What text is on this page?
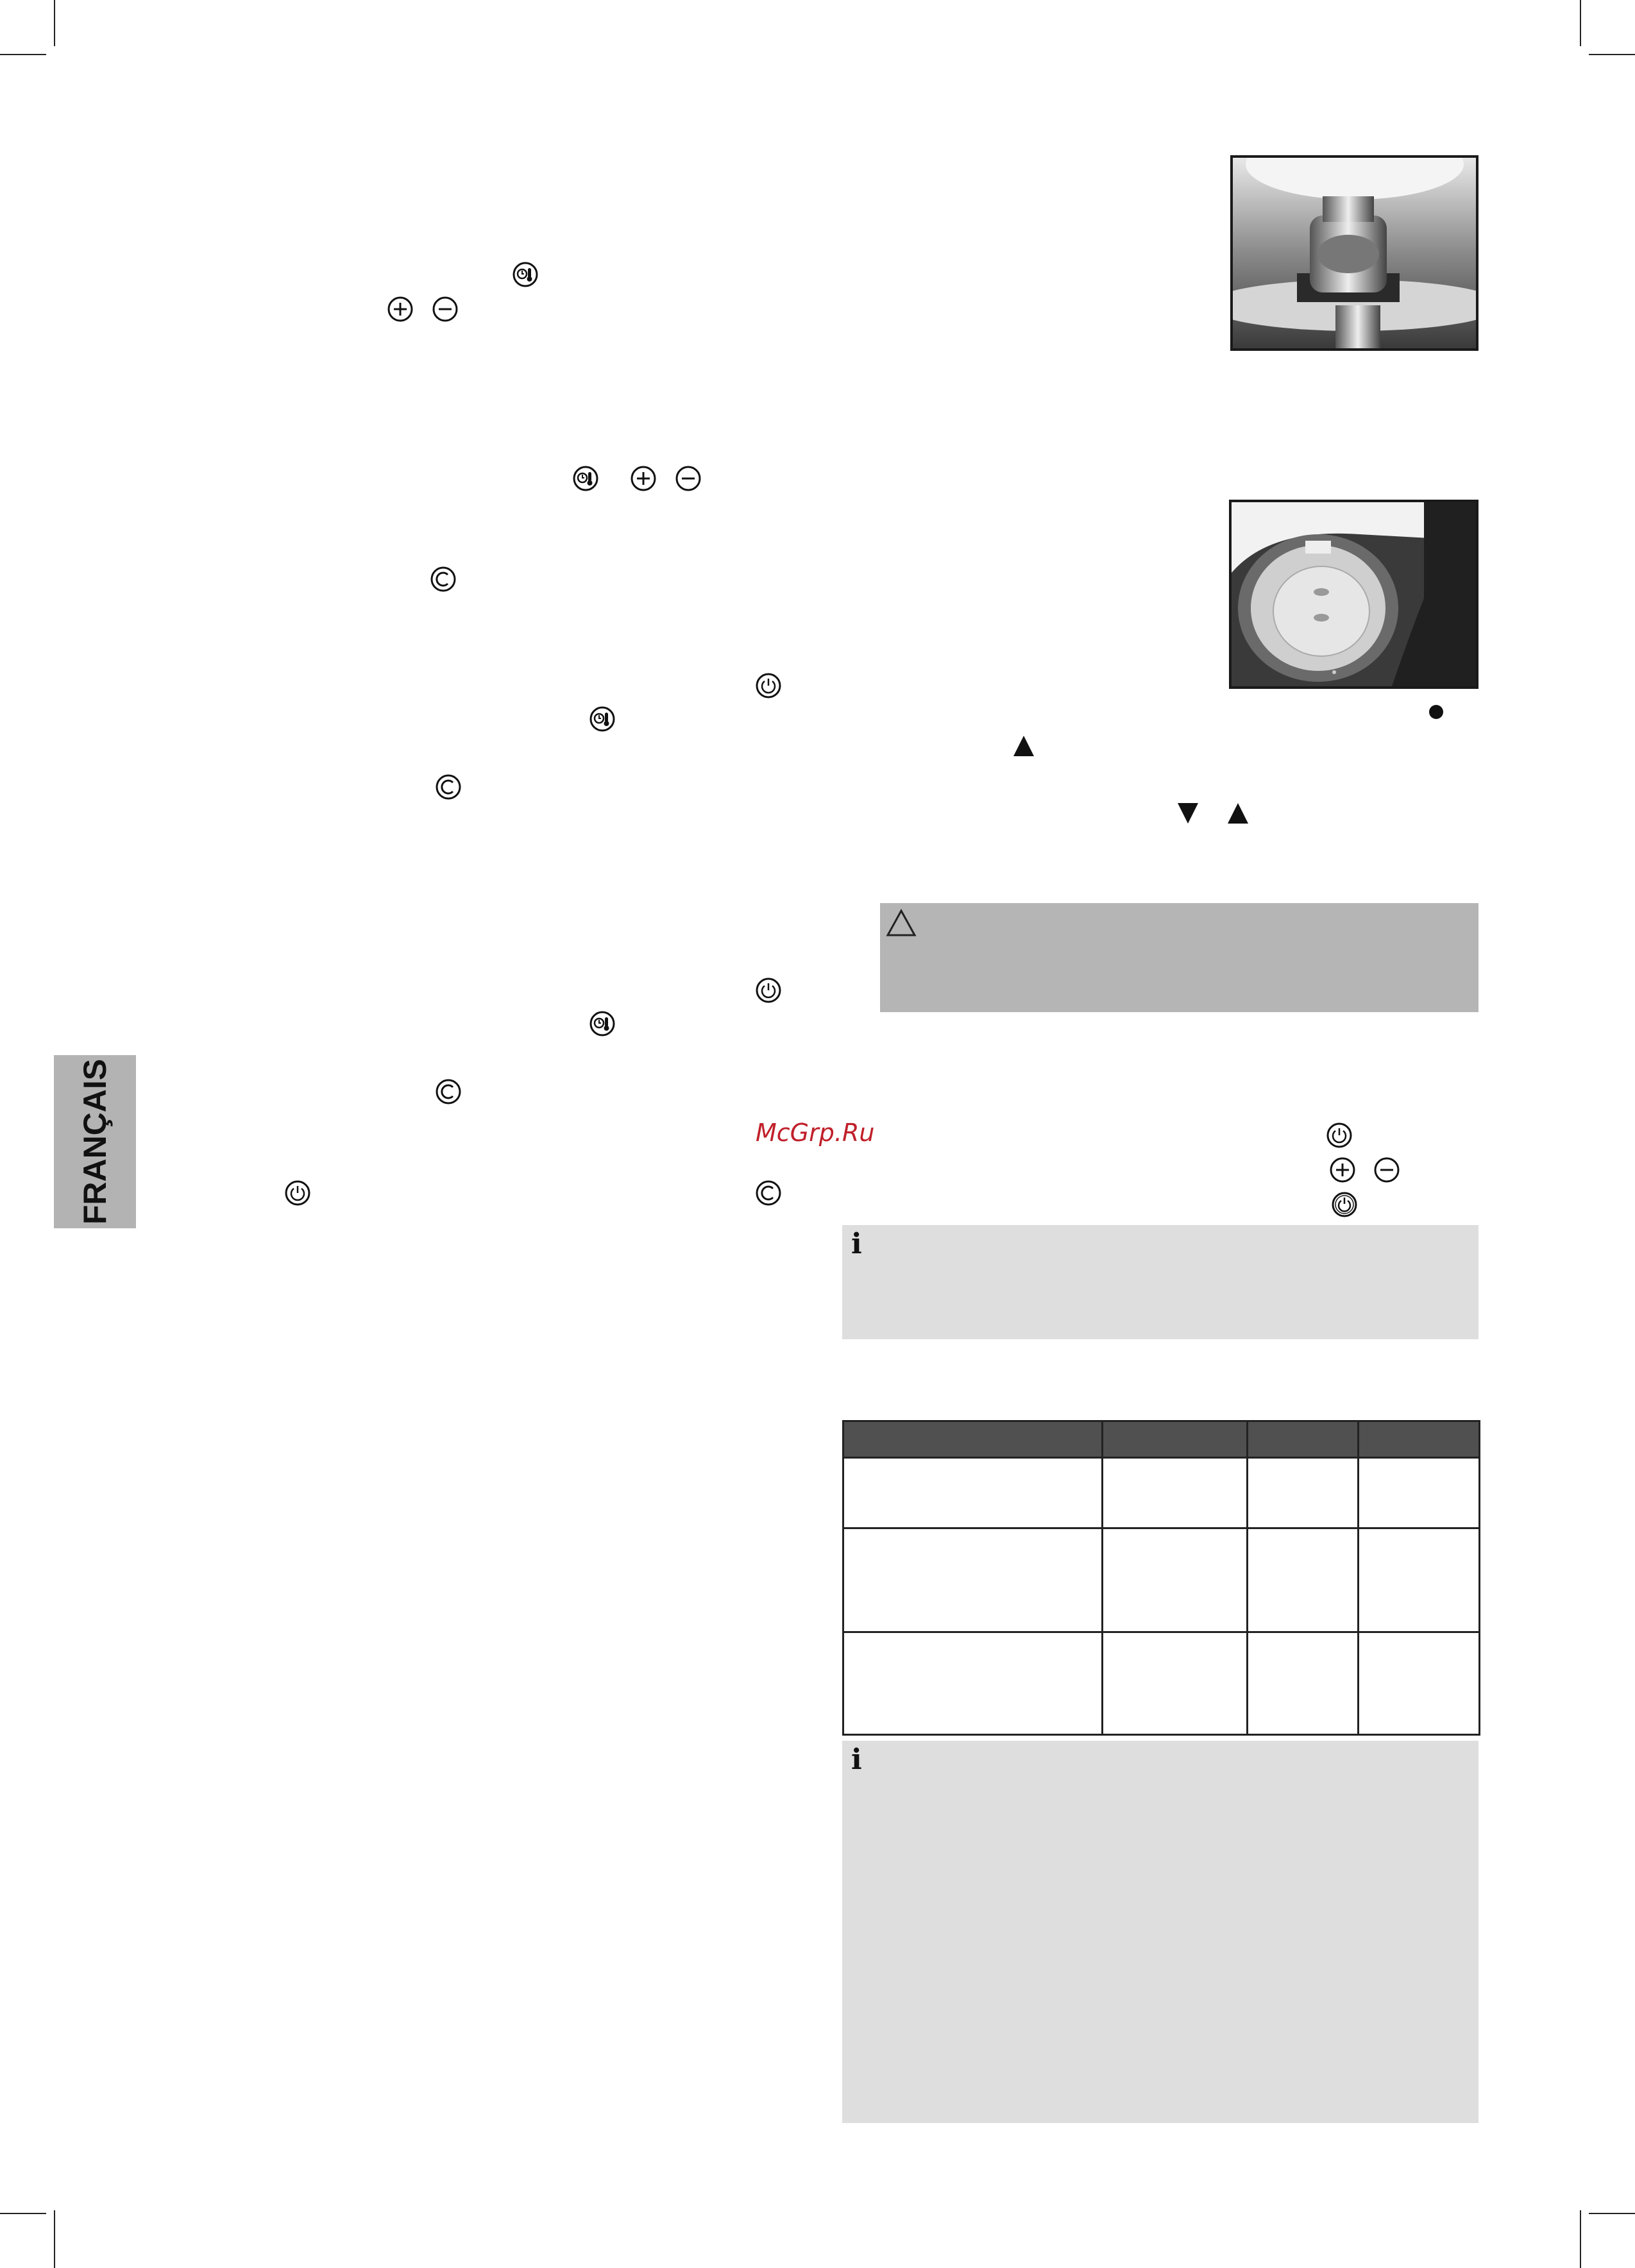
FRANÇAIS	McGrp.Ru
i

i
